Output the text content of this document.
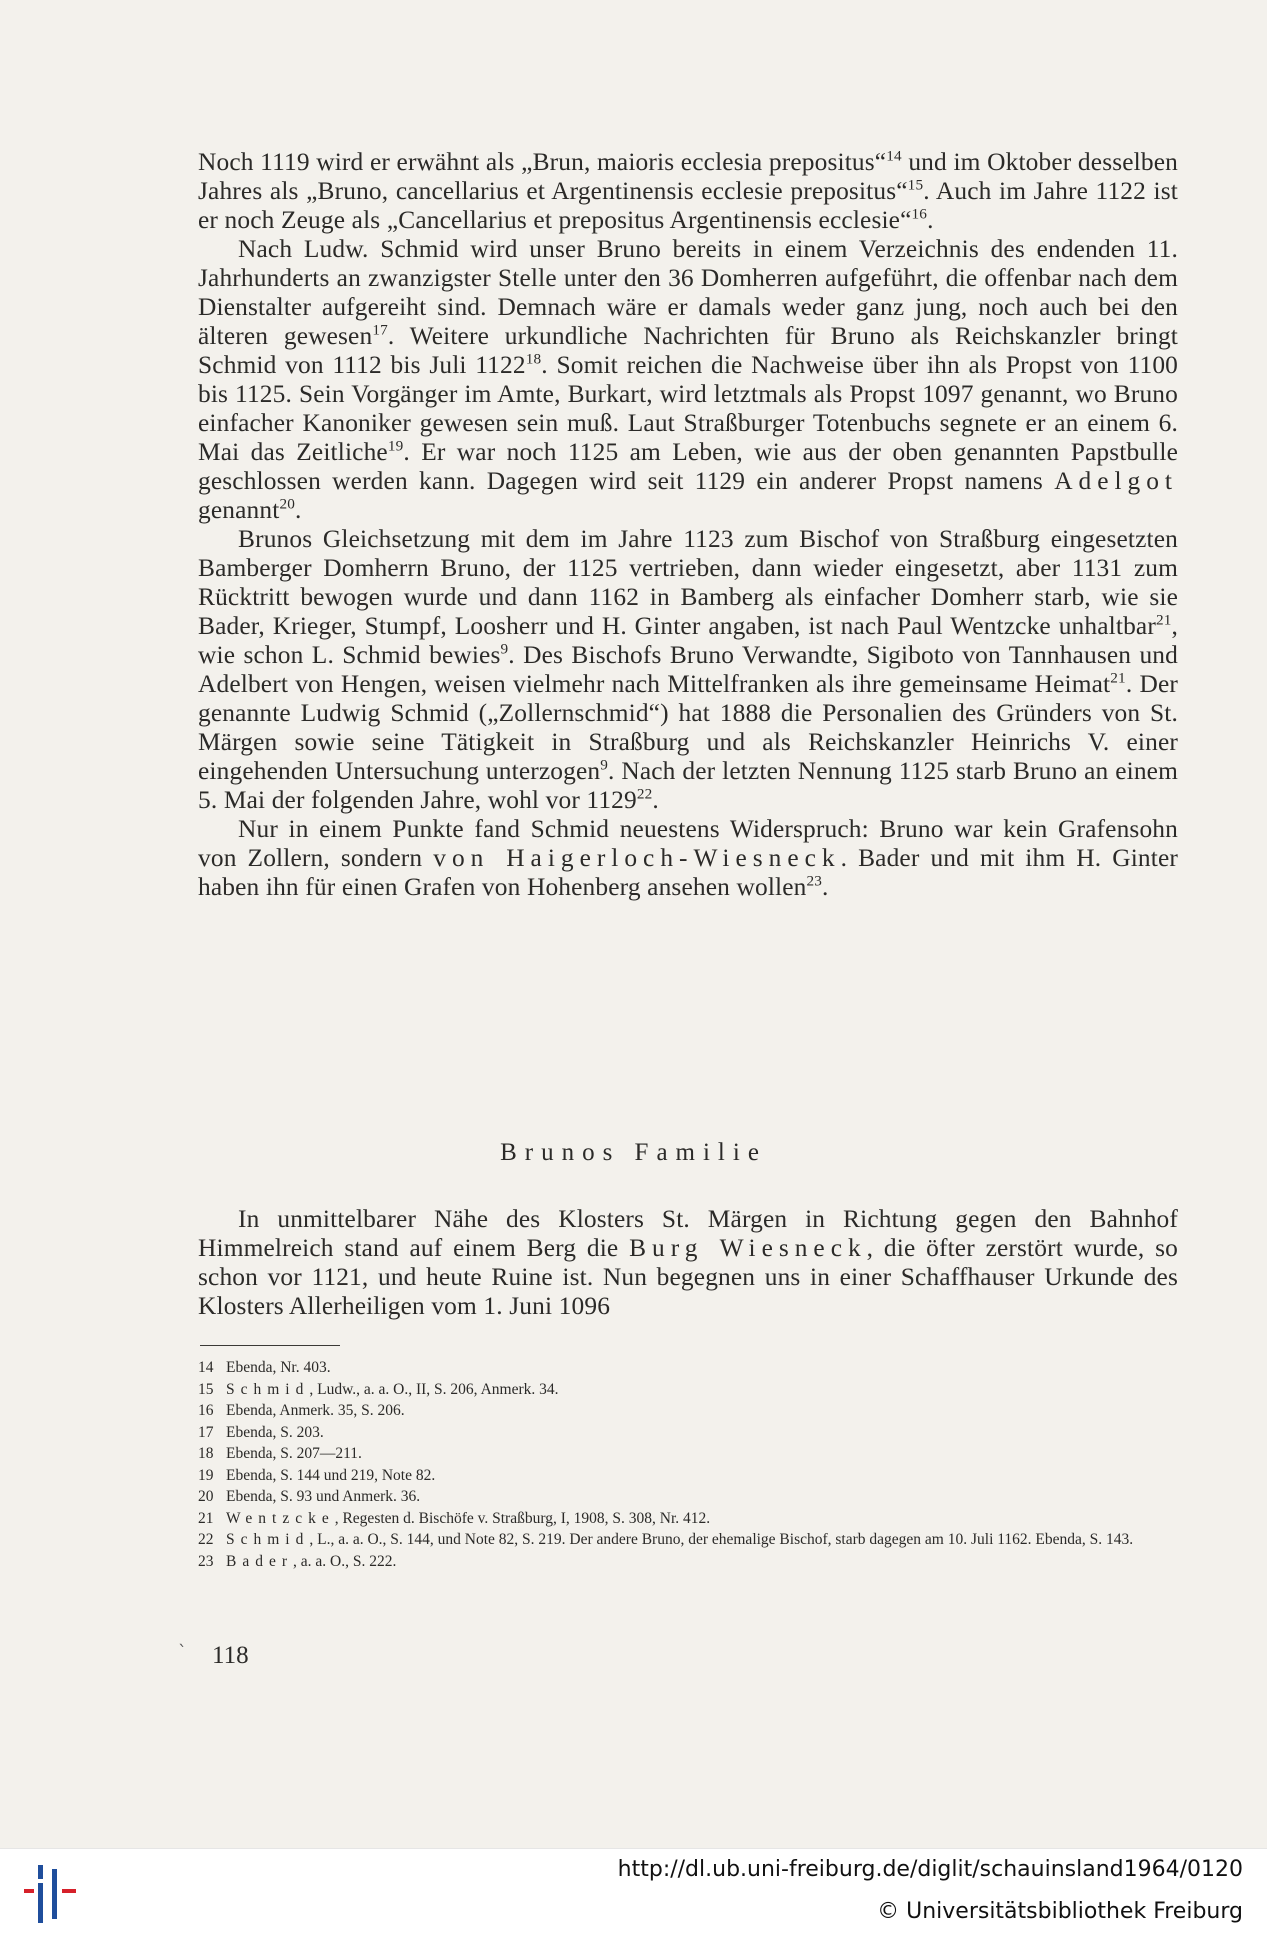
Noch 1119 wird er erwähnt als „Brun, maioris ecclesia prepositus“$^{14}$ und im Oktober desselben Jahres als „Bruno, cancellarius et Argentinensis ecclesie prepositus“$^{15}$. Auch im Jahre 1122 ist er noch Zeuge als „Cancellarius et prepositus Argentinensis ecclesie“$^{16}$.

Nach Ludw. Schmid wird unser Bruno bereits in einem Verzeichnis des endenden 11. Jahrhunderts an zwanzigster Stelle unter den 36 Domherren aufgeführt, die offenbar nach dem Dienstalter aufgereiht sind. Demnach wäre er damals weder ganz jung, noch auch bei den älteren gewesen$^{17}$. Weitere urkundliche Nachrichten für Bruno als Reichskanzler bringt Schmid von 1112 bis Juli 1122$^{18}$. Somit reichen die Nachweise über ihn als Propst von 1100 bis 1125. Sein Vorgänger im Amte, Burkart, wird letztmals als Propst 1097 genannt, wo Bruno einfacher Kanoniker gewesen sein muß. Laut Straßburger Totenbuchs segnete er an einem 6. Mai das Zeitliche$^{19}$. Er war noch 1125 am Leben, wie aus der oben genannten Papstbulle geschlossen werden kann. Dagegen wird seit 1129 ein anderer Propst namens Adelgot genannt$^{20}$.

Brunos Gleichsetzung mit dem im Jahre 1123 zum Bischof von Straßburg eingesetzten Bamberger Domherrn Bruno, der 1125 vertrieben, dann wieder eingesetzt, aber 1131 zum Rücktritt bewogen wurde und dann 1162 in Bamberg als einfacher Domherr starb, wie sie Bader, Krieger, Stumpf, Loosherr und H. Ginter angaben, ist nach Paul Wentzcke unhaltbar$^{21}$, wie schon L. Schmid bewies$^9$. Des Bischofs Bruno Verwandte, Sigiboto von Tannhausen und Adelbert von Hengen, weisen vielmehr nach Mittelfranken als ihre gemeinsame Heimat$^{21}$. Der genannte Ludwig Schmid („Zollernschmid“) hat 1888 die Personalien des Gründers von St. Märgen sowie seine Tätigkeit in Straßburg und als Reichskanzler Heinrichs V. einer eingehenden Untersuchung unterzogen$^9$. Nach der letzten Nennung 1125 starb Bruno an einem 5. Mai der folgenden Jahre, wohl vor 1129$^{22}$.

Nur in einem Punkte fand Schmid neuestens Widerspruch: Bruno war kein Grafensohn von Zollern, sondern von Haigerloch-Wiesneck. Bader und mit ihm H. Ginter haben ihn für einen Grafen von Hohenberg ansehen wollen$^{23}$.

Brunos Familie

In unmittelbarer Nähe des Klosters St. Märgen in Richtung gegen den Bahnhof Himmelreich stand auf einem Berg die Burg Wiesneck, die öfter zerstört wurde, so schon vor 1121, und heute Ruine ist. Nun begegnen uns in einer Schaffhauser Urkunde des Klosters Allerheiligen vom 1. Juni 1096

14 Ebenda, Nr. 403.
15 Schmid, Ludw., a. a. O., II, S. 206, Anmerk. 34.
16 Ebenda, Anmerk. 35, S. 206.
17 Ebenda, S. 203.
18 Ebenda, S. 207—211.
19 Ebenda, S. 144 und 219, Note 82.
20 Ebenda, S. 93 und Anmerk. 36.
21 Wentzcke, Regesten d. Bischöfe v. Straßburg, I, 1908, S. 308, Nr. 412.
22 Schmid, L., a. a. O., S. 144, und Note 82, S. 219. Der andere Bruno, der ehemalige Bischof, starb dagegen am 10. Juli 1162. Ebenda, S. 143.
23 Bader, a. a. O., S. 222.
ˋ 118
http://dl.ub.uni-freiburg.de/diglit/schauinsland1964/0120
© Universitätsbibliothek Freiburg
